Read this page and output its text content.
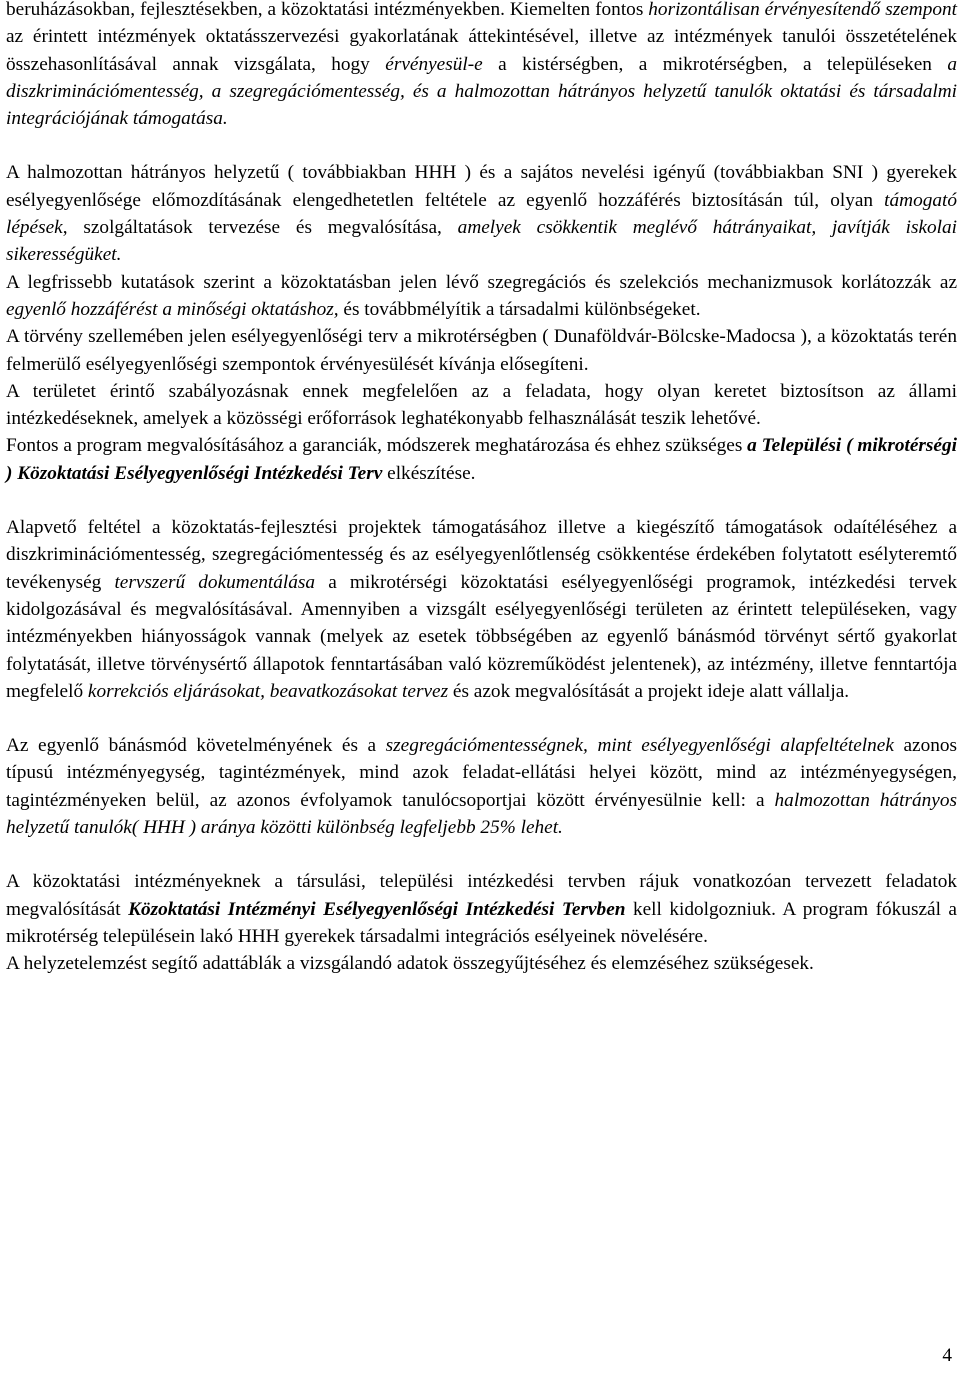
beruházásokban, fejlesztésekben, a közoktatási intézményekben. Kiemelten fontos horizontálisan érvényesítendő szempont az érintett intézmények oktatásszervezési gyakorlatának áttekintésével, illetve az intézmények tanulói összetételének összehasonlításával annak vizsgálata, hogy érvényesül-e a kistérségben, a mikrotérségben, a településeken a diszkriminációmentesség, a szegregációmentesség, és a halmozottan hátrányos helyzetű tanulók oktatási és társadalmi integrációjának támogatása.

A halmozottan hátrányos helyzetű ( továbbiakban HHH ) és a sajátos nevelési igényű (továbbiakban SNI ) gyerekek esélyegyenlősége előmozdításának elengedhetetlen feltétele az egyenlő hozzáférés biztosításán túl, olyan támogató lépések, szolgáltatások tervezése és megvalósítása, amelyek csökkentik meglévő hátrányaikat, javítják iskolai sikerességüket.

A legfrissebb kutatások szerint a közoktatásban jelen lévő szegregációs és szelekciós mechanizmusok korlátozzák az egyenlő hozzáférést a minőségi oktatáshoz, és továbbmélyítik a társadalmi különbségeket.

A törvény szellemében jelen esélyegyenlőségi terv a mikrotérségben ( Dunaföldvár-Bölcske-Madocsa ), a közoktatás terén felmerülő esélyegyenlőségi szempontok érvényesülését kívánja elősegíteni.

A területet érintő szabályozásnak ennek megfelelően az a feladata, hogy olyan keretet biztosítson az állami intézkedéseknek, amelyek a közösségi erőforrások leghatékonyabb felhasználását teszik lehetővé.

Fontos a program megvalósításához a garanciák, módszerek meghatározása és ehhez szükséges a Települési ( mikrotérségi ) Közoktatási Esélyegyenlőségi Intézkedési Terv elkészítése.

Alapvető feltétel a közoktatás-fejlesztési projektek támogatásához illetve a kiegészítő támogatások odaítéléséhez a diszkriminációmentesség, szegregációmentesség és az esélyegyenlőtlenség csökkentése érdekében folytatott esélyteremtő tevékenység tervszerű dokumentálása a mikrotérségi közoktatási esélyegyenlőségi programok, intézkedési tervek kidolgozásával és megvalósításával. Amennyiben a vizsgált esélyegyenlőségi területen az érintett településeken, vagy intézményekben hiányosságok vannak (melyek az esetek többségében az egyenlő bánásmód törvényt sértő gyakorlat folytatását, illetve törvénysértő állapotok fenntartásában való közreműködést jelentenek), az intézmény, illetve fenntartója megfelelő korrekciós eljárásokat, beavatkozásokat tervez és azok megvalósítását a projekt ideje alatt vállalja.

Az egyenlő bánásmód követelményének és a szegregációmentességnek, mint esélyegyenlőségi alapfeltételnek azonos típusú intézményegység, tagintézmények, mind azok feladat-ellátási helyei között, mind az intézményegységen, tagintézményeken belül, az azonos évfolyamok tanulócsoportjai között érvényesülnie kell: a halmozottan hátrányos helyzetű tanulók( HHH ) aránya közötti különbség legfeljebb 25% lehet.

A közoktatási intézményeknek a társulási, települési intézkedési tervben rájuk vonatkozóan tervezett feladatok megvalósítását Közoktatási Intézményi Esélyegyenlőségi Intézkedési Tervben kell kidolgozniuk. A program fókuszál a mikrotérség településein lakó HHH gyerekek társadalmi integrációs esélyeinek növelésére.

A helyzetelemzést segítő adattáblák a vizsgálandó adatok összegyűjtéséhez és elemzéséhez szükségesek.

4
